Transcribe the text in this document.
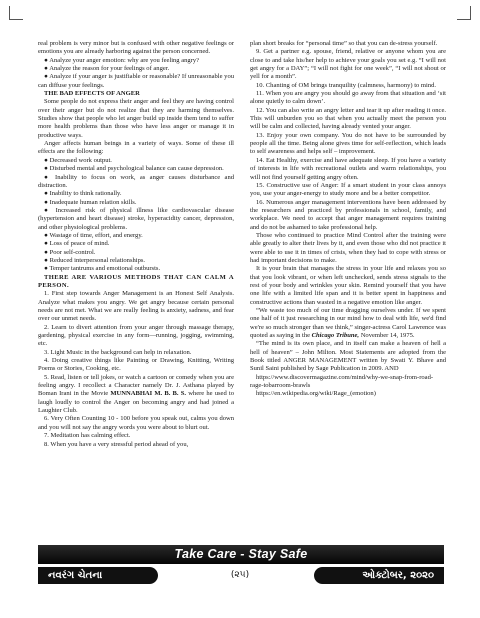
real problem is very minor but is confused with other negative feelings or emotions you are already harboring against the person concerned.

● Analyze your anger emotion: why are you feeling angry?

● Analyze the reason for your feelings of anger.

● Analyze if your anger is justifiable or reasonable? If unreasonable you can diffuse your feelings.

THE BAD EFFECTS OF ANGER

Some people do not express their anger and feel they are having control over their anger but do not realize that they are harming themselves. Studies show that people who let anger build up inside them tend to suffer more health problems than those who have less anger or manage it in productive ways.

Anger affects human beings in a variety of ways. Some of these ill effects are the following:

● Decreased work output.

● Disturbed mental and psychological balance can cause depression.

● Inability to focus on work, as anger causes disturbance and distraction.

● Inability to think rationally.

● Inadequate human relation skills.

● Increased risk of physical illness like cardiovascular disease (hypertension and heart disease) stroke, hyperacidity cancer, depression, and other physiological problems.

● Wastage of time, effort, and energy.

● Loss of peace of mind.

● Poor self-control.

● Reduced interpersonal relationships.

● Temper tantrums and emotional outbursts.

THERE ARE VARIOUS METHODS THAT CAN CALM A PERSON.

1. First step towards Anger Management is an Honest Self Analysis. Analyze what makes you angry. We get angry because certain personal needs are not met. What we are really feeling is anxiety, sadness, and fear over our unmet needs.

2. Learn to divert attention from your anger through massage therapy, gardening, physical exercise in any form—running, jogging, swimming, etc.

3. Light Music in the background can help in relaxation.

4. Doing creative things like Painting or Drawing, Knitting, Writing Poems or Stories, Cooking, etc.

5. Read, listen or tell jokes, or watch a cartoon or comedy when you are feeling angry. I recollect a Character namely Dr. J. Asthana played by Boman Irani in the Movie MUNNABHAI M. B. B. S. where he used to laugh loudly to control the Anger on becoming angry and had joined a Laughter Club.

6. Very Often Counting 10 - 100 before you speak out, calms you down and you will not say the angry words you were about to blurt out.

7. Meditation has calming effect.

8. When you have a very stressful period ahead of you,

plan short breaks for “personal time” so that you can de-stress yourself.

9. Get a partner e.g. spouse, friend, relative or anyone whom you are close to and take his/her help to achieve your goals you set e.g. “I will not get angry for a DAY”; “I will not fight for one week”, “I will not shout or yell for a month”.

10. Chanting of OM brings tranquility (calmness, harmony) to mind.

11. When you are angry you should go away from that situation and ‘sit alone quietly to calm down’.

12. You can also write an angry letter and tear it up after reading it once. This will unburden you so that when you actually meet the person you will be calm and collected, having already vented your anger.

13. Enjoy your own company. You do not have to be surrounded by people all the time. Being alone gives time for self-reflection, which leads to self awareness and helps self – improvement.

14. Eat Healthy, exercise and have adequate sleep. If you have a variety of interests in life with recreational outlets and warm relationships, you will not find yourself getting angry often.

15. Constructive use of Anger: If a smart student in your class annoys you, use your anger-energy to study more and be a better competitor.

16. Numerous anger management interventions have been addressed by the researchers and practiced by professionals in school, family, and workplace. We need to accept that anger management requires training and do not be ashamed to take professional help.

Those who continued to practice Mind Control after the training were able greatly to alter their lives by it, and even those who did not practice it were able to use it in times of crisis, when they had to cope with stress or had important decisions to make.

It is your brain that manages the stress in your life and relaxes you so that you look vibrant, or when left unchecked, sends stress signals to the rest of your body and wrinkles your skin. Remind yourself that you have one life with a limited life span and it is better spent in happiness and constructive actions than wasted in a negative emotion like anger.

“We waste too much of our time dragging ourselves under. If we spent one half of it just researching in our mind how to deal with life, we'd find we're so much stronger than we think,” singer-actress Carol Lawrence was quoted as saying in the Chicago Tribune, November 14, 1975.

“The mind is its own place, and in itself can make a heaven of hell a hell of heaven” – John Milton. Most Statements are adopted from the Book titled ANGER MANAGEMENT written by Swati Y. Bhave and Sunil Saini published by Sage Publication in 2009. AND

https://www.discovermagazine.com/mind/why-we-snap-from-road-rage-tobarroom-brawls

https://en.wikipedia.org/wiki/Rage_(emotion)

Take Care - Stay Safe
નવરંગ ચેતના	(૨૫)	ઓક્ટોબર, ૨૦૨૦
